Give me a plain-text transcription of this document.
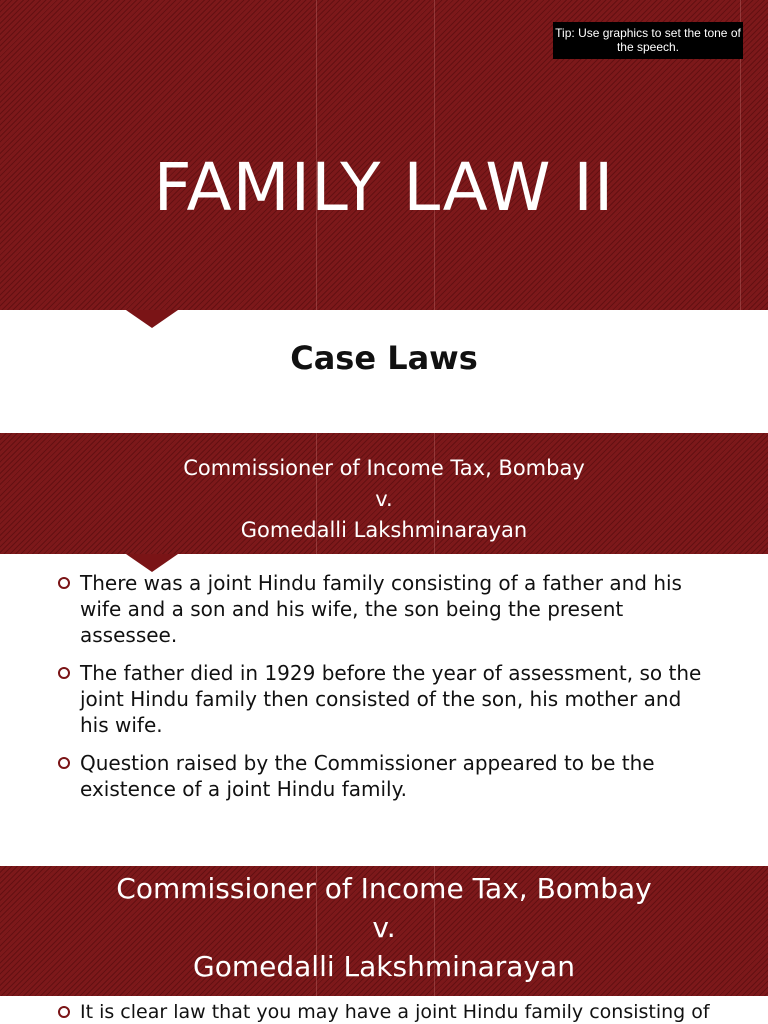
Tip: Use graphics to set the tone of the speech.
FAMILY LAW II
Case Laws
Commissioner of Income Tax, Bombay
v.
Gomedalli Lakshminarayan
There was a joint Hindu family consisting of a father and his wife and a son and his wife, the son being the present assessee.
The father died in 1929 before the year of assessment, so the joint Hindu family then consisted of the son, his mother and his wife.
Question raised by the Commissioner appeared to be the existence of a joint Hindu family.
Commissioner of Income Tax, Bombay
v.
Gomedalli Lakshminarayan
It is clear law that you may have a joint Hindu family consisting of
